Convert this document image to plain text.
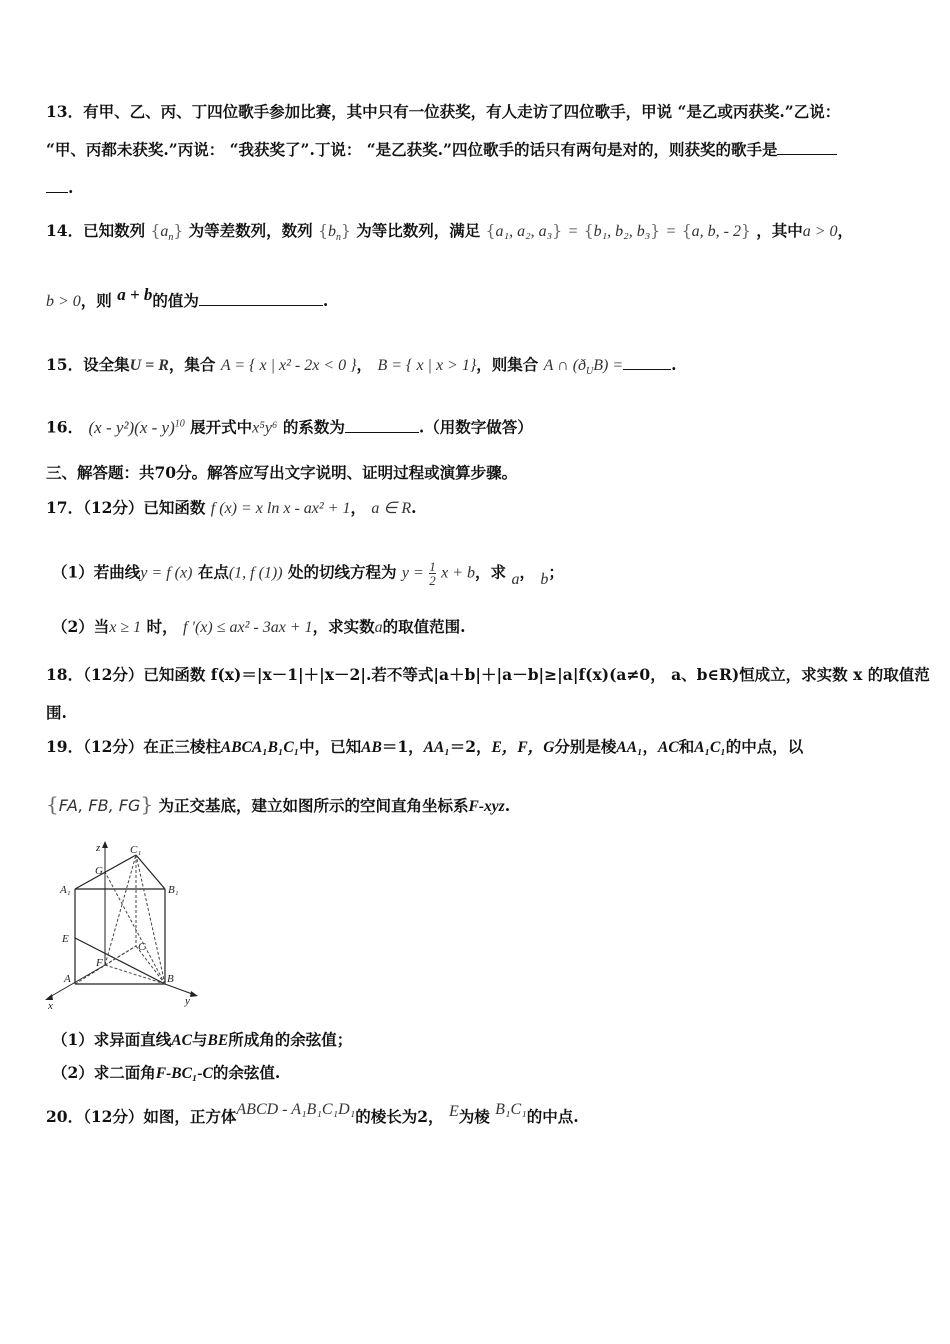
13．有甲、乙、丙、丁四位歌手参加比赛，其中只有一位获奖，有人走访了四位歌手，甲说 “是乙或丙获奖.”乙说：
“甲、丙都未获奖.”丙说： “我获奖了”.丁说： “是乙获奖.”四位歌手的话只有两句是对的，则获奖的歌手是
.
14．已知数列 $\{a_n\}$ 为等差数列，数列 $\{b_n\}$ 为等比数列，满足 {a₁, a₂, a₃} = {b₁, b₂, b₃} = {a, b, - 2} ，其中a > 0，
b > 0，则 a + b的值为	.
15．设全集U = R，集合 A = { x | x² - 2x < 0 }， B = { x | x > 1}，则集合 A ∩ $(ð_UB)$ =	.
16． (x - y²)(x - y)$^{10}$ 展开式中x⁵y⁶ 的系数为	.（用数字做答）
三、解答题：共70分。解答应写出文字说明、证明过程或演算步骤。
17．（12分）已知函数 f (x) = x ln x - ax² + 1， a ∈ R.
（1）若曲线y = f (x) 在点(1, f (1)) 处的切线方程为 $y = \frac{1}{2}$ x + b，求 a， b；
（2）当x ≥ 1 时， f ′(x) ≤ ax² - 3ax + 1，求实数a的取值范围.
18．（12分）已知函数 f(x)＝|x－1|＋|x－2|.若不等式|a＋b|＋|a－b|≥|a|f(x)(a≠0， a、b∈R)恒成立，求实数 x 的取值范
围.
19．（12分）在正三棱柱ABCA₁B₁C₁中，已知AB＝1，AA₁＝2，E，F，G分别是棱AA₁，AC和A₁C₁的中点，以
{FA, FB, FG} 为正交基底，建立如图所示的空间直角坐标系F-xyz.
z
G
C₁
A₁	B₁
E
C
F
A	B
x	y
（1）求异面直线AC与BE所成角的余弦值；
（2）求二面角F-BC₁-C的余弦值.
20．（12分）如图，正方体ABCD - A₁B₁C₁D₁的棱长为2， E为棱 B₁C₁的中点.
